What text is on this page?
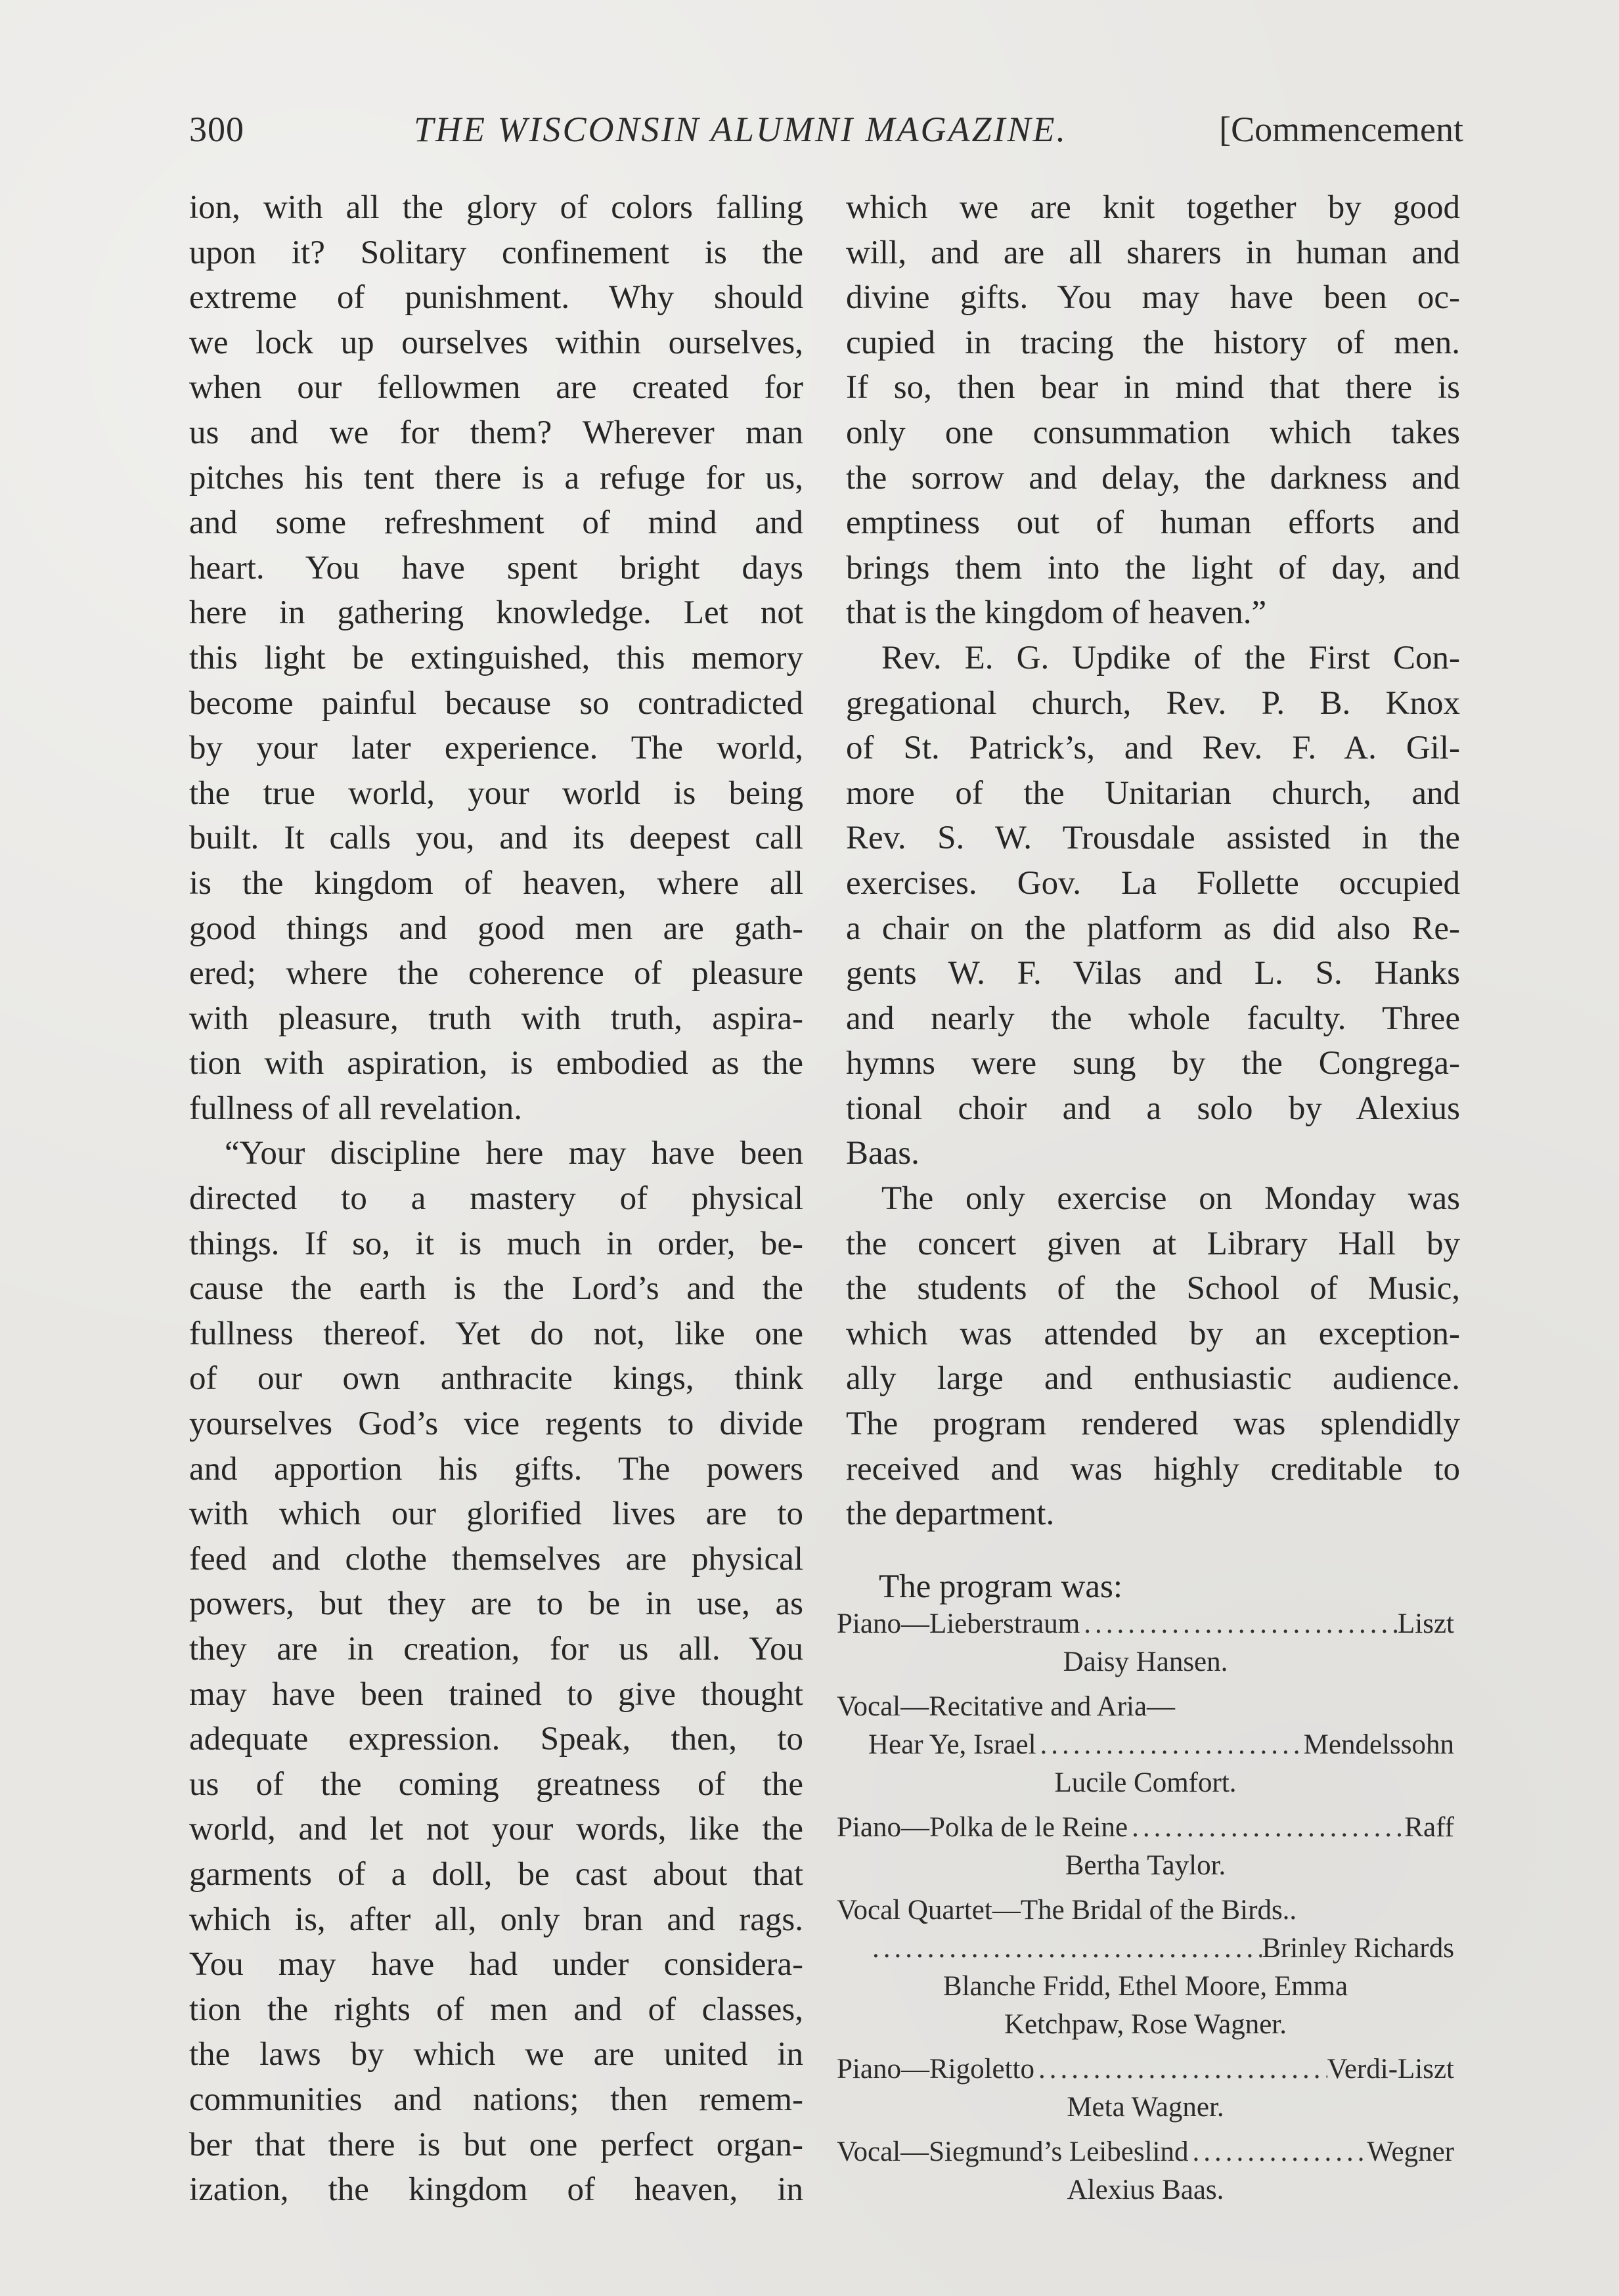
300	THE WISCONSIN ALUMNI MAGAZINE.	[Commencement
ion, with all the glory of colors falling
upon it? Solitary confinement is the
extreme of punishment. Why should
we lock up ourselves within ourselves,
when our fellowmen are created for
us and we for them? Wherever man
pitches his tent there is a refuge for us,
and some refreshment of mind and
heart. You have spent bright days
here in gathering knowledge. Let not
this light be extinguished, this memory
become painful because so contradicted
by your later experience. The world,
the true world, your world is being
built. It calls you, and its deepest call
is the kingdom of heaven, where all
good things and good men are gath-
ered; where the coherence of pleasure
with pleasure, truth with truth, aspira-
tion with aspiration, is embodied as the
fullness of all revelation.
“Your discipline here may have been
directed to a mastery of physical
things. If so, it is much in order, be-
cause the earth is the Lord’s and the
fullness thereof. Yet do not, like one
of our own anthracite kings, think
yourselves God’s vice regents to divide
and apportion his gifts. The powers
with which our glorified lives are to
feed and clothe themselves are physical
powers, but they are to be in use, as
they are in creation, for us all. You
may have been trained to give thought
adequate expression. Speak, then, to
us of the coming greatness of the
world, and let not your words, like the
garments of a doll, be cast about that
which is, after all, only bran and rags.
You may have had under considera-
tion the rights of men and of classes,
the laws by which we are united in
communities and nations; then remem-
ber that there is but one perfect organ-
ization, the kingdom of heaven, in
which we are knit together by good
will, and are all sharers in human and
divine gifts. You may have been oc-
cupied in tracing the history of men.
If so, then bear in mind that there is
only one consummation which takes
the sorrow and delay, the darkness and
emptiness out of human efforts and
brings them into the light of day, and
that is the kingdom of heaven.”
Rev. E. G. Updike of the First Con-
gregational church, Rev. P. B. Knox
of St. Patrick’s, and Rev. F. A. Gil-
more of the Unitarian church, and
Rev. S. W. Trousdale assisted in the
exercises. Gov. La Follette occupied
a chair on the platform as did also Re-
gents W. F. Vilas and L. S. Hanks
and nearly the whole faculty. Three
hymns were sung by the Congrega-
tional choir and a solo by Alexius
Baas.
The only exercise on Monday was
the concert given at Library Hall by
the students of the School of Music,
which was attended by an exception-
ally large and enthusiastic audience.
The program rendered was splendidly
received and was highly creditable to
the department.
The program was:
Piano—Lieberstraum .....	Liszt
Daisy Hansen.
Vocal—Recitative and Aria—
Hear Ye, Israel .....	Mendelssohn
Lucile Comfort.
Piano—Polka de le Reine .....	Raff
Bertha Taylor.
Vocal Quartet—The Bridal of the Birds..
.....
Brinley Richards
Blanche Fridd, Ethel Moore, Emma
Ketchpaw, Rose Wagner.
Piano—Rigoletto .....	Verdi-Liszt
Meta Wagner.
Vocal—Siegmund’s Leibeslind .....	Wegner
Alexius Baas.
